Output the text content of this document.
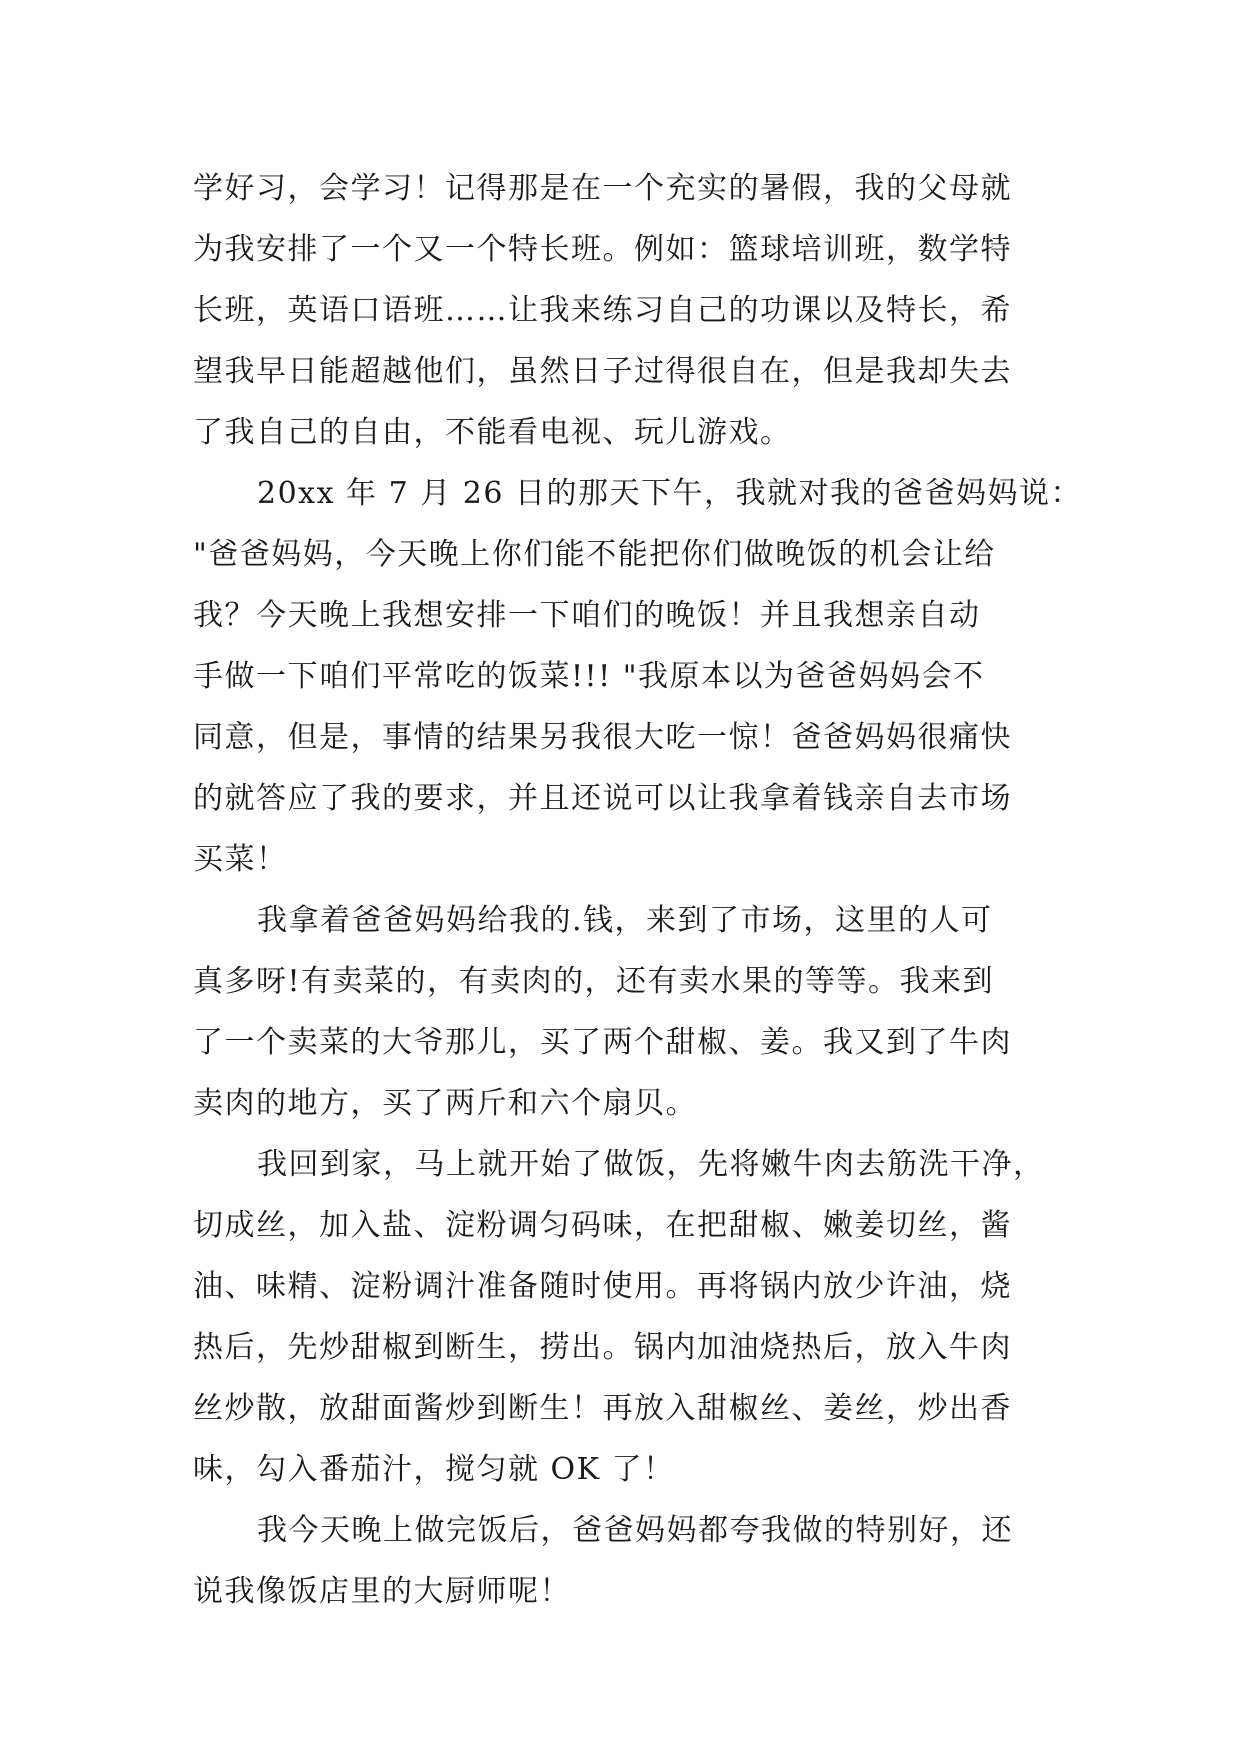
学好习，会学习！记得那是在一个充实的暑假，我的父母就
为我安排了一个又一个特长班。例如：篮球培训班，数学特
长班，英语口语班……让我来练习自己的功课以及特长，希
望我早日能超越他们，虽然日子过得很自在，但是我却失去
了我自己的自由，不能看电视、玩儿游戏。
20xx 年 7 月 26 日的那天下午，我就对我的爸爸妈妈说：
"爸爸妈妈，今天晚上你们能不能把你们做晚饭的机会让给
我？今天晚上我想安排一下咱们的晚饭！并且我想亲自动
手做一下咱们平常吃的饭菜!!! "我原本以为爸爸妈妈会不
同意，但是，事情的结果另我很大吃一惊！爸爸妈妈很痛快
的就答应了我的要求，并且还说可以让我拿着钱亲自去市场
买菜！
我拿着爸爸妈妈给我的.钱，来到了市场，这里的人可
真多呀!有卖菜的，有卖肉的，还有卖水果的等等。我来到
了一个卖菜的大爷那儿，买了两个甜椒、姜。我又到了牛肉
卖肉的地方，买了两斤和六个扇贝。
我回到家，马上就开始了做饭，先将嫩牛肉去筋洗干净，
切成丝，加入盐、淀粉调匀码味，在把甜椒、嫩姜切丝，酱
油、味精、淀粉调汁准备随时使用。再将锅内放少许油，烧
热后，先炒甜椒到断生，捞出。锅内加油烧热后，放入牛肉
丝炒散，放甜面酱炒到断生！再放入甜椒丝、姜丝，炒出香
味，勾入番茄汁，搅匀就 OK 了！
我今天晚上做完饭后，爸爸妈妈都夸我做的特别好，还
说我像饭店里的大厨师呢！
